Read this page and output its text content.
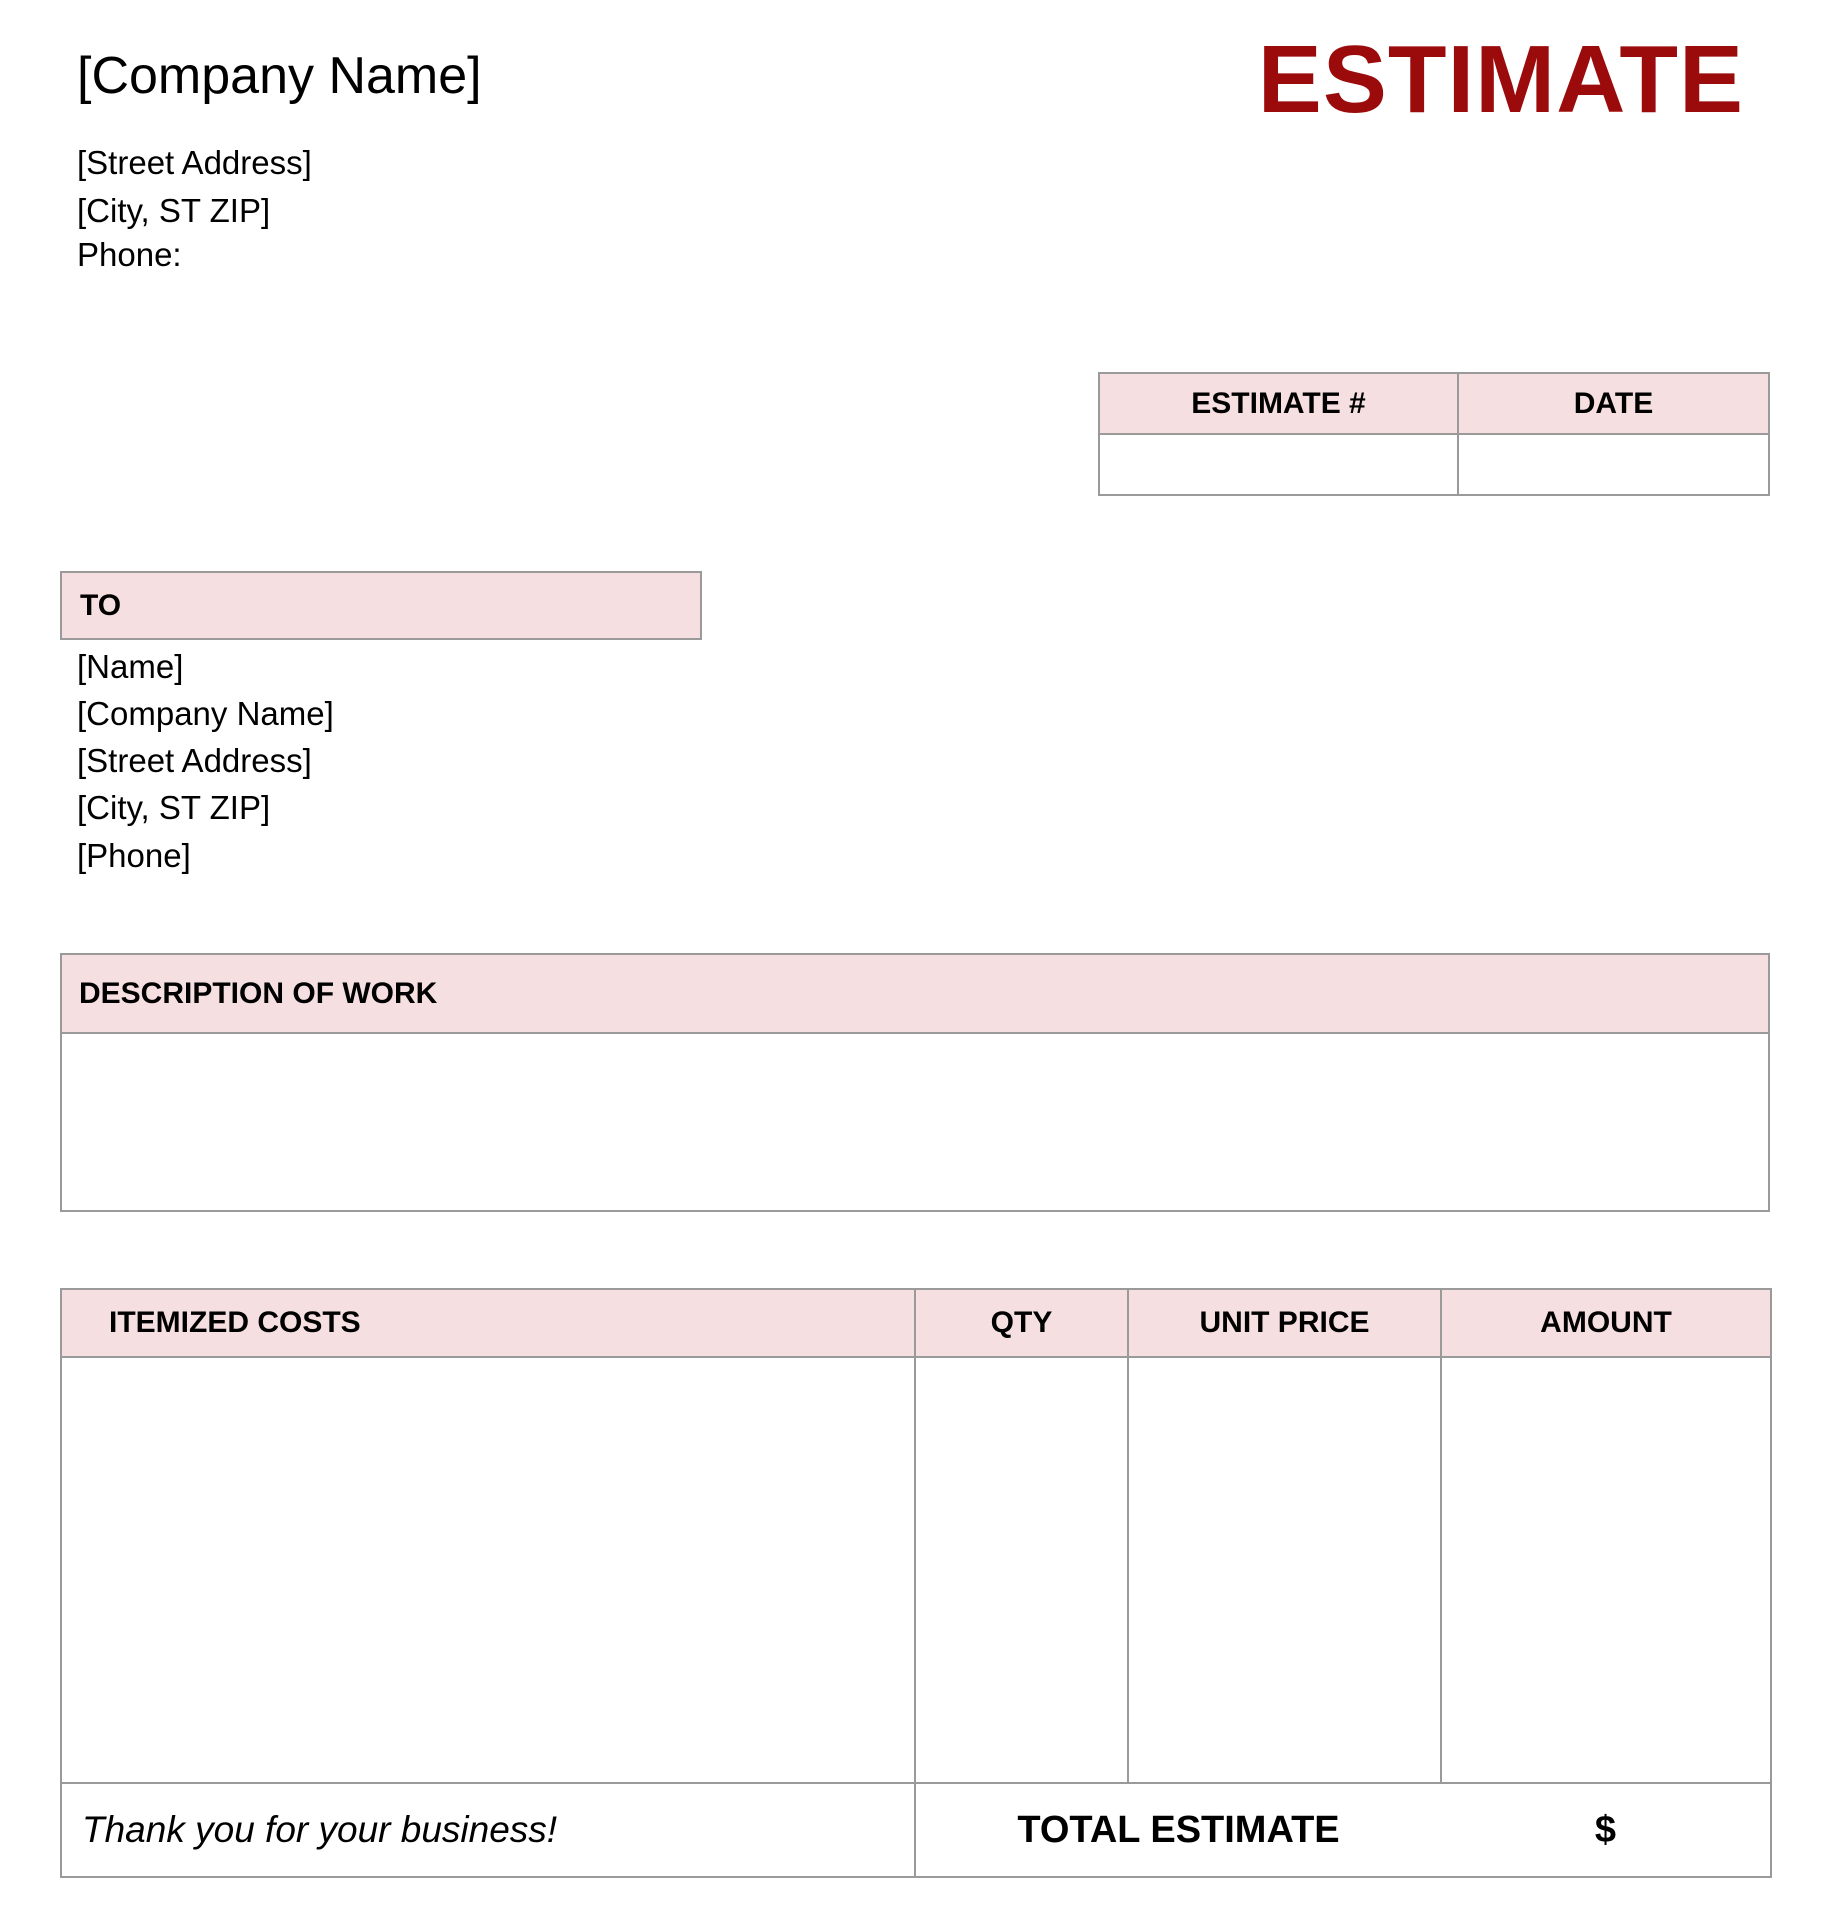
[Company Name]	ESTIMATE
[Street Address]
[City, ST ZIP]
Phone:
ESTIMATE #	DATE

TO
[Name]
[Company Name]
[Street Address]
[City, ST ZIP]
[Phone]
DESCRIPTION OF WORK
ITEMIZED COSTS	QTY	UNIT PRICE	AMOUNT

Thank you for your business!	TOTAL ESTIMATE		$
